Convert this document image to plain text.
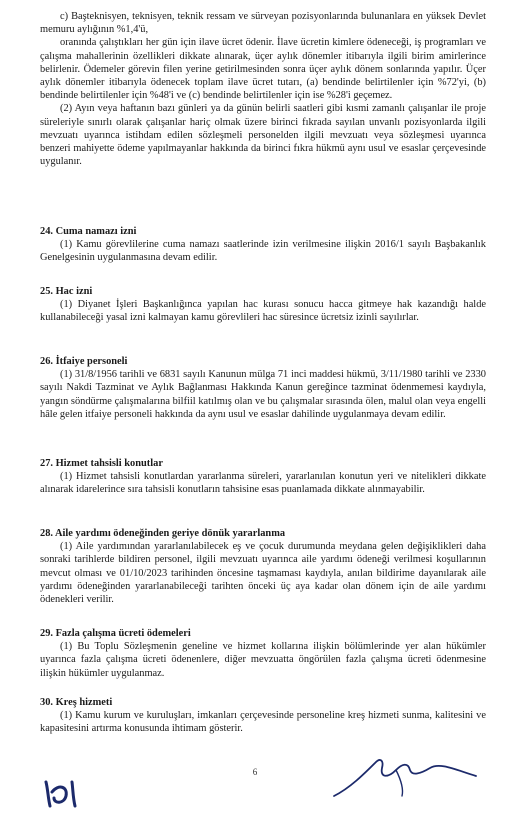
c) Başteknisyen, teknisyen, teknik ressam ve sürveyan pozisyonlarında bulunanlara en yüksek Devlet memuru aylığının %1,4'ü,

oranında çalıştıkları her gün için ilave ücret ödenir. İlave ücretin kimlere ödeneceği, iş programları ve çalışma mahallerinin özellikleri dikkate alınarak, üçer aylık dönemler itibarıyla ilgili birim amirlerince belirlenir. Ödemeler görevin filen yerine getirilmesinden sonra üçer aylık dönem sonlarında yapılır. Üçer aylık dönemler itibarıyla ödenecek toplam ilave ücret tutarı, (a) bendinde belirtilenler için %72'yi, (b) bendinde belirtilenler için %48'i ve (c) bendinde belirtilenler için ise %28'i geçemez.

(2) Ayın veya haftanın bazı günleri ya da günün belirli saatleri gibi kısmi zamanlı çalışanlar ile proje süreleriyle sınırlı olarak çalışanlar hariç olmak üzere birinci fıkrada sayılan unvanlı pozisyonlarda ilgili mevzuatı uyarınca istihdam edilen sözleşmeli personelden ilgili mevzuatı veya sözleşmesi uyarınca benzeri mahiyette ödeme yapılmayanlar hakkında da birinci fıkra hükmü aynı usul ve esaslar çerçevesinde uygulanır.

24. Cuma namazı izni

(1) Kamu görevlilerine cuma namazı saatlerinde izin verilmesine ilişkin 2016/1 sayılı Başbakanlık Genelgesinin uygulanmasına devam edilir.

25. Hac izni

(1) Diyanet İşleri Başkanlığınca yapılan hac kurası sonucu hacca gitmeye hak kazandığı halde kullanabileceği yasal izni kalmayan kamu görevlileri hac süresince ücretsiz izinli sayılırlar.

26. İtfaiye personeli

(1) 31/8/1956 tarihli ve 6831 sayılı Kanunun mülga 71 inci maddesi hükmü, 3/11/1980 tarihli ve 2330 sayılı Nakdi Tazminat ve Aylık Bağlanması Hakkında Kanun gereğince tazminat ödenmemesi kaydıyla, yangın söndürme çalışmalarına bilfiil katılmış olan ve bu çalışmalar sırasında ölen, malul olan veya engelli hâle gelen itfaiye personeli hakkında da aynı usul ve esaslar dahilinde uygulanmaya devam edilir.

27. Hizmet tahsisli konutlar

(1) Hizmet tahsisli konutlardan yararlanma süreleri, yararlanılan konutun yeri ve nitelikleri dikkate alınarak idarelerince sıra tahsisli konutların tahsisine esas puanlamada dikkate alınmayabilir.

28. Aile yardımı ödeneğinden geriye dönük yararlanma

(1) Aile yardımından yararlanılabilecek eş ve çocuk durumunda meydana gelen değişiklikleri daha sonraki tarihlerde bildiren personel, ilgili mevzuatı uyarınca aile yardımı ödeneği verilmesi koşullarının mevcut olması ve 01/10/2023 tarihinden öncesine taşmaması kaydıyla, anılan bildirime dayanılarak aile yardımı ödeneğinden yararlanabileceği tarihten önceki üç aya kadar olan dönem için de aile yardımı ödenekleri verilir.

29. Fazla çalışma ücreti ödemeleri

(1) Bu Toplu Sözleşmenin geneline ve hizmet kollarına ilişkin bölümlerinde yer alan hükümler uyarınca fazla çalışma ücreti ödenenlere, diğer mevzuatta öngörülen fazla çalışma ücreti ödenmesine ilişkin hükümler uygulanmaz.

30. Kreş hizmeti

(1) Kamu kurum ve kuruluşları, imkanları çerçevesinde personeline kreş hizmeti sunma, kalitesini ve kapasitesini artırma konusunda ihtimam gösterir.

6
